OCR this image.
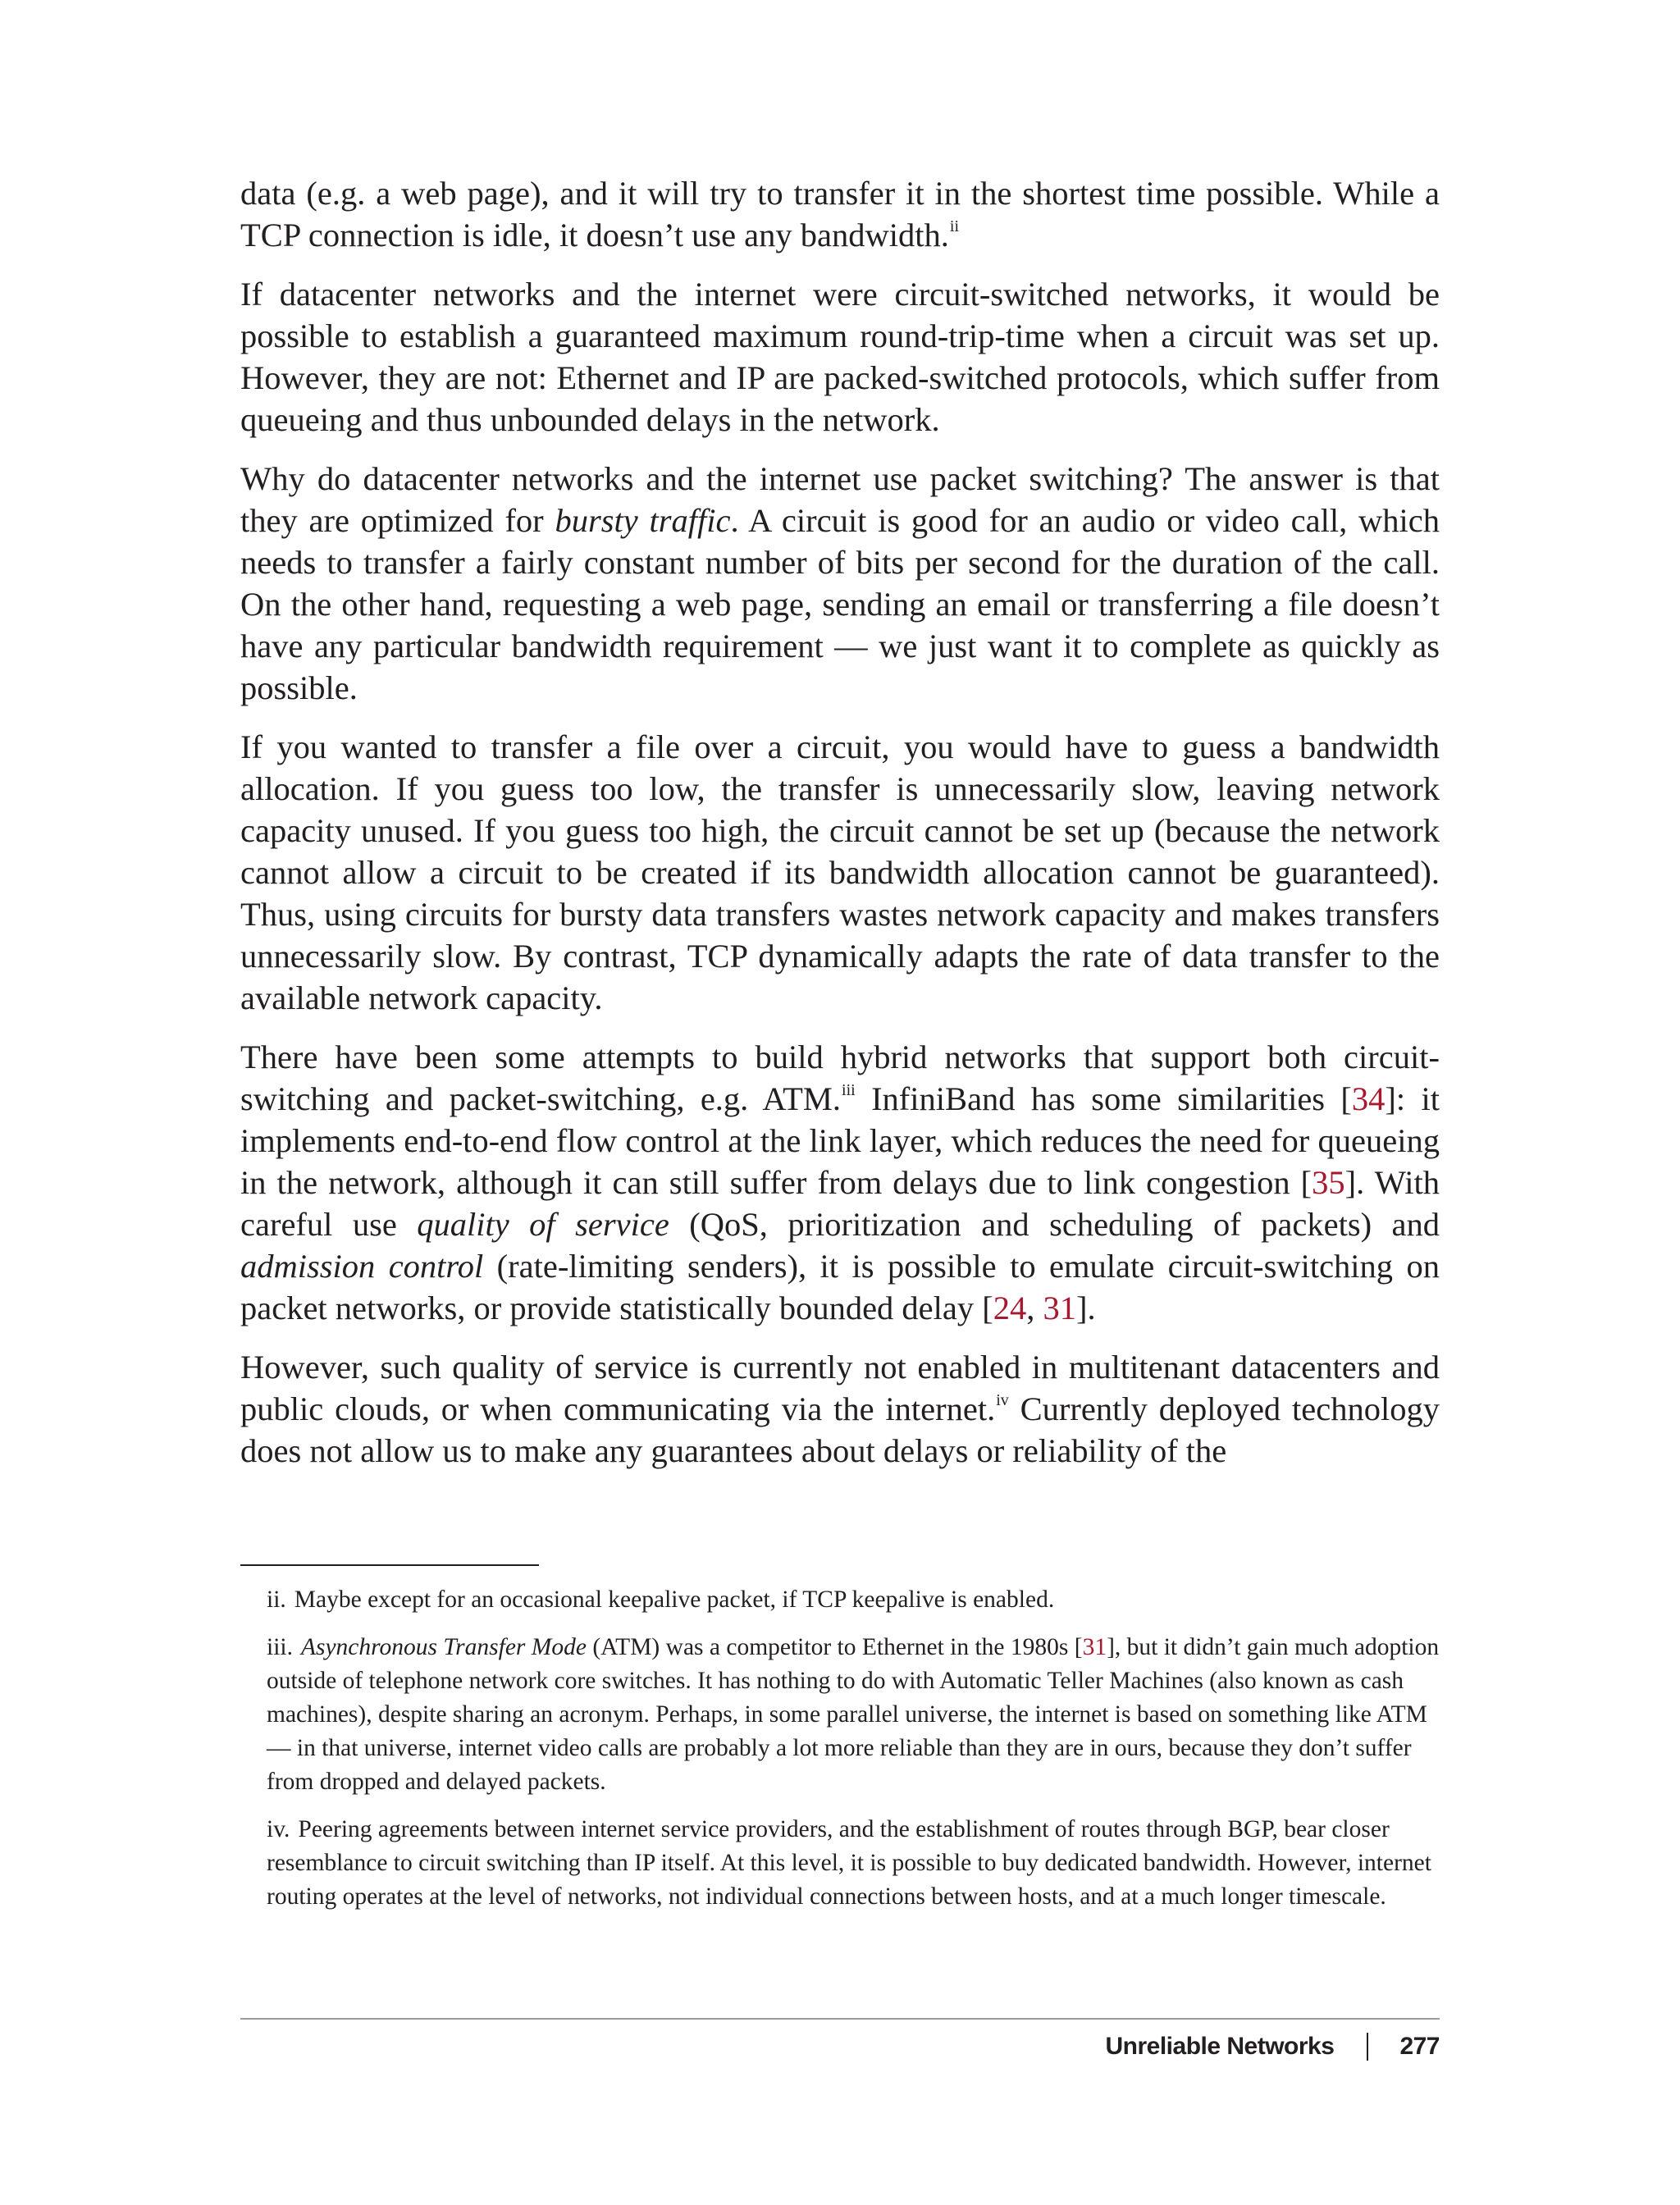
data (e.g. a web page), and it will try to transfer it in the shortest time possible. While a TCP connection is idle, it doesn’t use any bandwidth.$^{ii}$

If datacenter networks and the internet were circuit-switched networks, it would be possible to establish a guaranteed maximum round-trip-time when a circuit was set up. However, they are not: Ethernet and IP are packed-switched protocols, which suffer from queueing and thus unbounded delays in the network.

Why do datacenter networks and the internet use packet switching? The answer is that they are optimized for bursty traffic. A circuit is good for an audio or video call, which needs to transfer a fairly constant number of bits per second for the duration of the call. On the other hand, requesting a web page, sending an email or transferring a file doesn’t have any particular bandwidth requirement — we just want it to complete as quickly as possible.

If you wanted to transfer a file over a circuit, you would have to guess a bandwidth allocation. If you guess too low, the transfer is unnecessarily slow, leaving network capacity unused. If you guess too high, the circuit cannot be set up (because the network cannot allow a circuit to be created if its bandwidth allocation cannot be guaranteed). Thus, using circuits for bursty data transfers wastes network capacity and makes transfers unnecessarily slow. By contrast, TCP dynamically adapts the rate of data transfer to the available network capacity.

There have been some attempts to build hybrid networks that support both circuit-switching and packet-switching, e.g. ATM.$^{iii}$ InfiniBand has some similarities [34]: it implements end-to-end flow control at the link layer, which reduces the need for queueing in the network, although it can still suffer from delays due to link congestion [35]. With careful use quality of service (QoS, prioritization and scheduling of packets) and admission control (rate-limiting senders), it is possible to emulate circuit-switching on packet networks, or provide statistically bounded delay [24, 31].

However, such quality of service is currently not enabled in multitenant datacenters and public clouds, or when communicating via the internet.$^{iv}$ Currently deployed technology does not allow us to make any guarantees about delays or reliability of the

ii. Maybe except for an occasional keepalive packet, if TCP keepalive is enabled.

iii. Asynchronous Transfer Mode (ATM) was a competitor to Ethernet in the 1980s [31], but it didn’t gain much adoption outside of telephone network core switches. It has nothing to do with Automatic Teller Machines (also known as cash machines), despite sharing an acronym. Perhaps, in some parallel universe, the internet is based on something like ATM — in that universe, internet video calls are probably a lot more reliable than they are in ours, because they don’t suffer from dropped and delayed packets.

iv. Peering agreements between internet service providers, and the establishment of routes through BGP, bear closer resemblance to circuit switching than IP itself. At this level, it is possible to buy dedicated bandwidth. However, internet routing operates at the level of networks, not individual connections between hosts, and at a much longer timescale.

Unreliable Networks	277
